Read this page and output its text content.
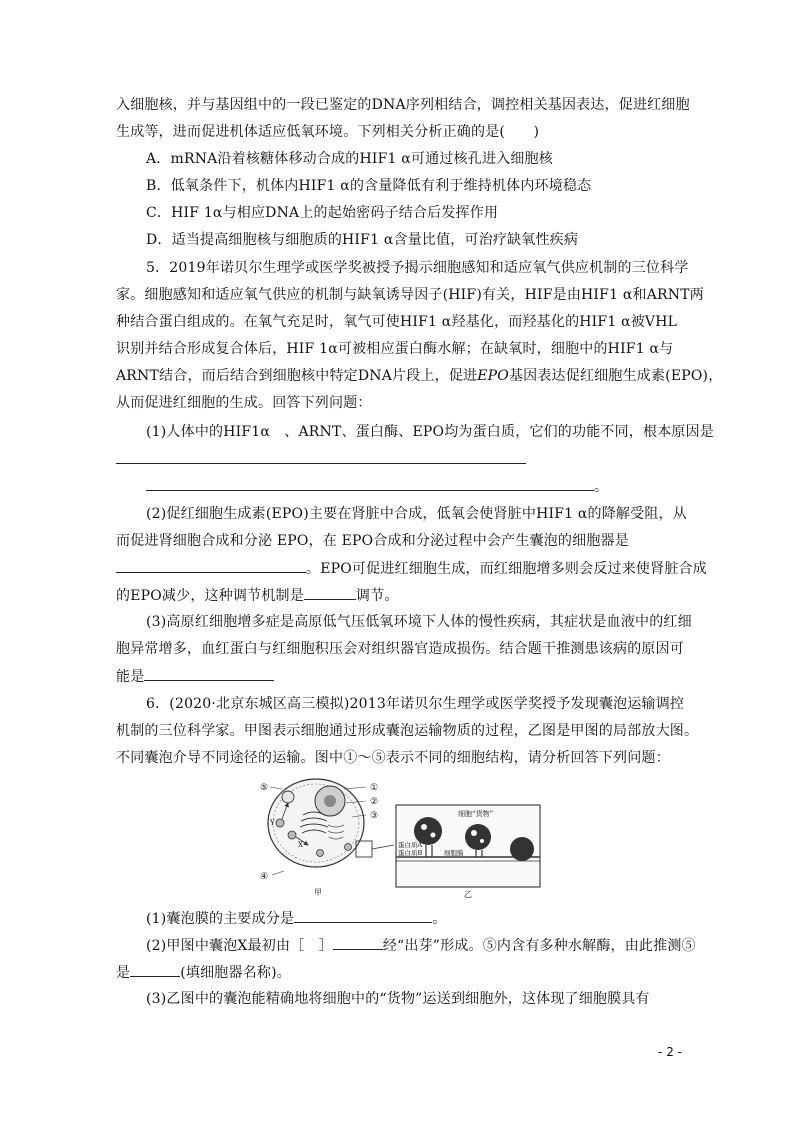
入细胞核，并与基因组中的一段已鉴定的DNA序列相结合，调控相关基因表达，促进红细胞
生成等，进而促进机体适应低氧环境。下列相关分析正确的是(　　)
A．mRNA沿着核糖体移动合成的HIF1 α可通过核孔进入细胞核
B．低氧条件下，机体内HIF1 α的含量降低有利于维持机体内环境稳态
C．HIF 1α与相应DNA上的起始密码子结合后发挥作用
D．适当提高细胞核与细胞质的HIF1 α含量比值，可治疗缺氧性疾病
5．2019年诺贝尔生理学或医学奖被授予揭示细胞感知和适应氧气供应机制的三位科学
家。细胞感知和适应氧气供应的机制与缺氧诱导因子(HIF)有关，HIF是由HIF1 α和ARNT两
种结合蛋白组成的。在氧气充足时，氧气可使HIF1 α羟基化，而羟基化的HIF1 α被VHL
识别并结合形成复合体后，HIF 1α可被相应蛋白酶水解；在缺氧时，细胞中的HIF1 α与
ARNT结合，而后结合到细胞核中特定DNA片段上，促进EPO基因表达促红细胞生成素(EPO)，
从而促进红细胞的生成。回答下列问题：
(1)人体中的HIF1α　、ARNT、蛋白酶、EPO均为蛋白质，它们的功能不同，根本原因是
。
(2)促红细胞生成素(EPO)主要在肾脏中合成，低氧会使肾脏中HIF1 α的降解受阻，从
而促进肾细胞合成和分泌 EPO，在 EPO合成和分泌过程中会产生囊泡的细胞器是
。EPO可促进红细胞生成，而红细胞增多则会反过来使肾脏合成
的EPO减少，这种调节机制是	调节。
(3)高原红细胞增多症是高原低气压低氧环境下人体的慢性疾病，其症状是血液中的红细
胞异常增多，血红蛋白与红细胞积压会对组织器官造成损伤。结合题干推测患该病的原因可
能是
6．(2020·北京东城区高三模拟)2013年诺贝尔生理学或医学奖授予发现囊泡运输调控
机制的三位科学家。甲图表示细胞通过形成囊泡运输物质的过程，乙图是甲图的局部放大图。
不同囊泡介导不同途径的运输。图中①～⑤表示不同的细胞结构，请分析回答下列问题：
①
②
③
④
⑤
X
Y
甲
细胞“货物”
蛋白质A
蛋白质B	细胞膜
乙
(1)囊泡膜的主要成分是	。
(2)甲图中囊泡X最初由［　］	经“出芽”形成。⑤内含有多种水解酶，由此推测⑤
是	(填细胞器名称)。
(3)乙图中的囊泡能精确地将细胞中的“货物”运送到细胞外，这体现了细胞膜具有
- 2 -
